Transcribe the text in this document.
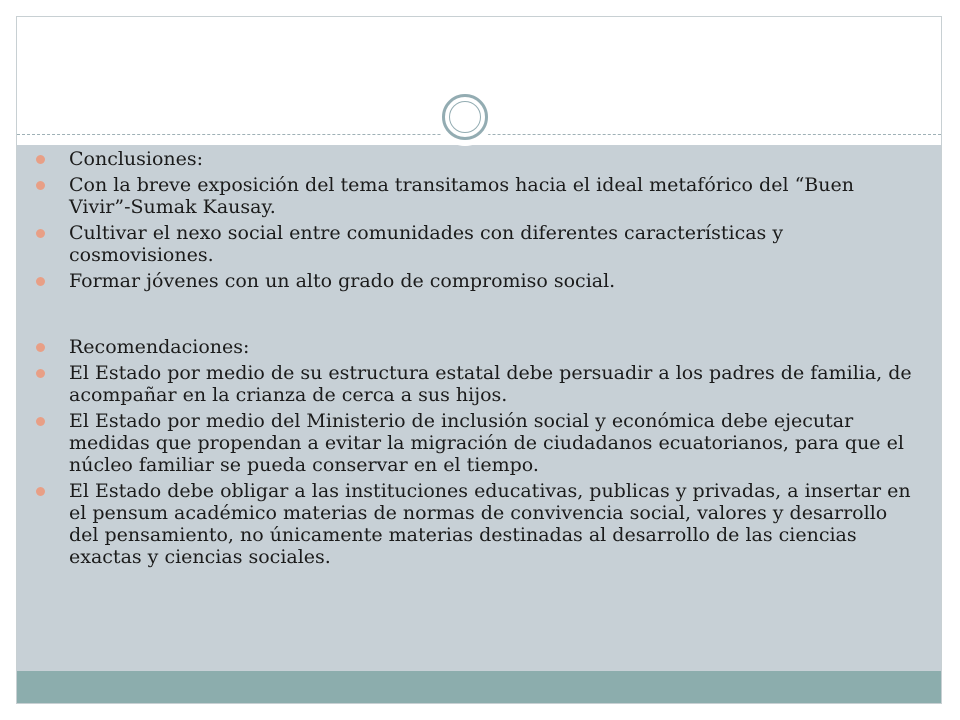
Conclusiones:
Con la breve exposición del tema transitamos hacia el ideal metafórico del “Buen Vivir”-Sumak Kausay.
Cultivar el nexo social entre comunidades con diferentes características y cosmovisiones.
Formar jóvenes con un alto grado de compromiso social.
Recomendaciones:
El Estado por medio de su estructura estatal debe persuadir a los padres de familia, de acompañar en la crianza de cerca a sus hijos.
El Estado por medio del Ministerio de inclusión social y económica debe ejecutar medidas que propendan a evitar la migración de ciudadanos ecuatorianos, para que el núcleo familiar se pueda conservar en el tiempo.
El Estado debe obligar a las instituciones educativas, publicas y privadas, a insertar en el pensum académico materias de normas de convivencia social, valores y desarrollo del pensamiento, no únicamente materias destinadas al desarrollo de las ciencias exactas y ciencias sociales.
